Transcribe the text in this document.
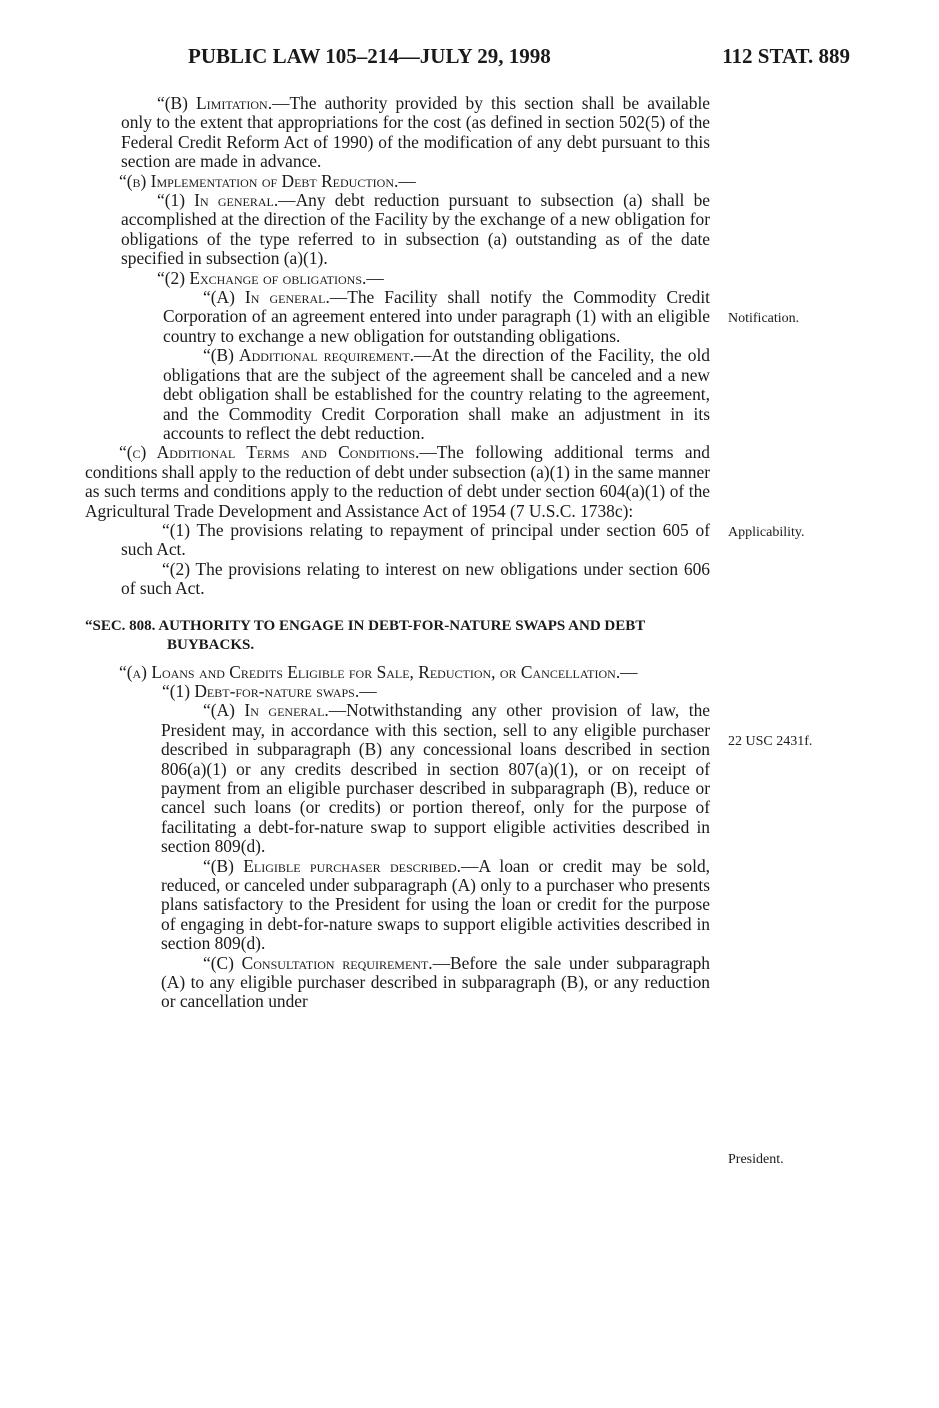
PUBLIC LAW 105–214—JULY 29, 1998	112 STAT. 889

“(B) Limitation.—The authority provided by this section shall be available only to the extent that appropriations for the cost (as defined in section 502(5) of the Federal Credit Reform Act of 1990) of the modification of any debt pursuant to this section are made in advance.

“(b) Implementation of Debt Reduction.—

“(1) In general.—Any debt reduction pursuant to subsection (a) shall be accomplished at the direction of the Facility by the exchange of a new obligation for obligations of the type referred to in subsection (a) outstanding as of the date specified in subsection (a)(1).

“(2) Exchange of obligations.—

“(A) In general.—The Facility shall notify the Commodity Credit Corporation of an agreement entered into under paragraph (1) with an eligible country to exchange a new obligation for outstanding obligations.

“(B) Additional requirement.—At the direction of the Facility, the old obligations that are the subject of the agreement shall be canceled and a new debt obligation shall be established for the country relating to the agreement, and the Commodity Credit Corporation shall make an adjustment in its accounts to reflect the debt reduction.

“(c) Additional Terms and Conditions.—The following additional terms and conditions shall apply to the reduction of debt under subsection (a)(1) in the same manner as such terms and conditions apply to the reduction of debt under section 604(a)(1) of the Agricultural Trade Development and Assistance Act of 1954 (7 U.S.C. 1738c):

“(1) The provisions relating to repayment of principal under section 605 of such Act.

“(2) The provisions relating to interest on new obligations under section 606 of such Act.

“SEC. 808. AUTHORITY TO ENGAGE IN DEBT-FOR-NATURE SWAPS AND DEBT BUYBACKS.

“(a) Loans and Credits Eligible for Sale, Reduction, or Cancellation.—

“(1) Debt-for-nature swaps.—

“(A) In general.—Notwithstanding any other provision of law, the President may, in accordance with this section, sell to any eligible purchaser described in subparagraph (B) any concessional loans described in section 806(a)(1) or any credits described in section 807(a)(1), or on receipt of payment from an eligible purchaser described in subparagraph (B), reduce or cancel such loans (or credits) or portion thereof, only for the purpose of facilitating a debt-for-nature swap to support eligible activities described in section 809(d).

“(B) Eligible purchaser described.—A loan or credit may be sold, reduced, or canceled under subparagraph (A) only to a purchaser who presents plans satisfactory to the President for using the loan or credit for the purpose of engaging in debt-for-nature swaps to support eligible activities described in section 809(d).

“(C) Consultation requirement.—Before the sale under subparagraph (A) to any eligible purchaser described in subparagraph (B), or any reduction or cancellation under

Notification.
Applicability.
22 USC 2431f.
President.
